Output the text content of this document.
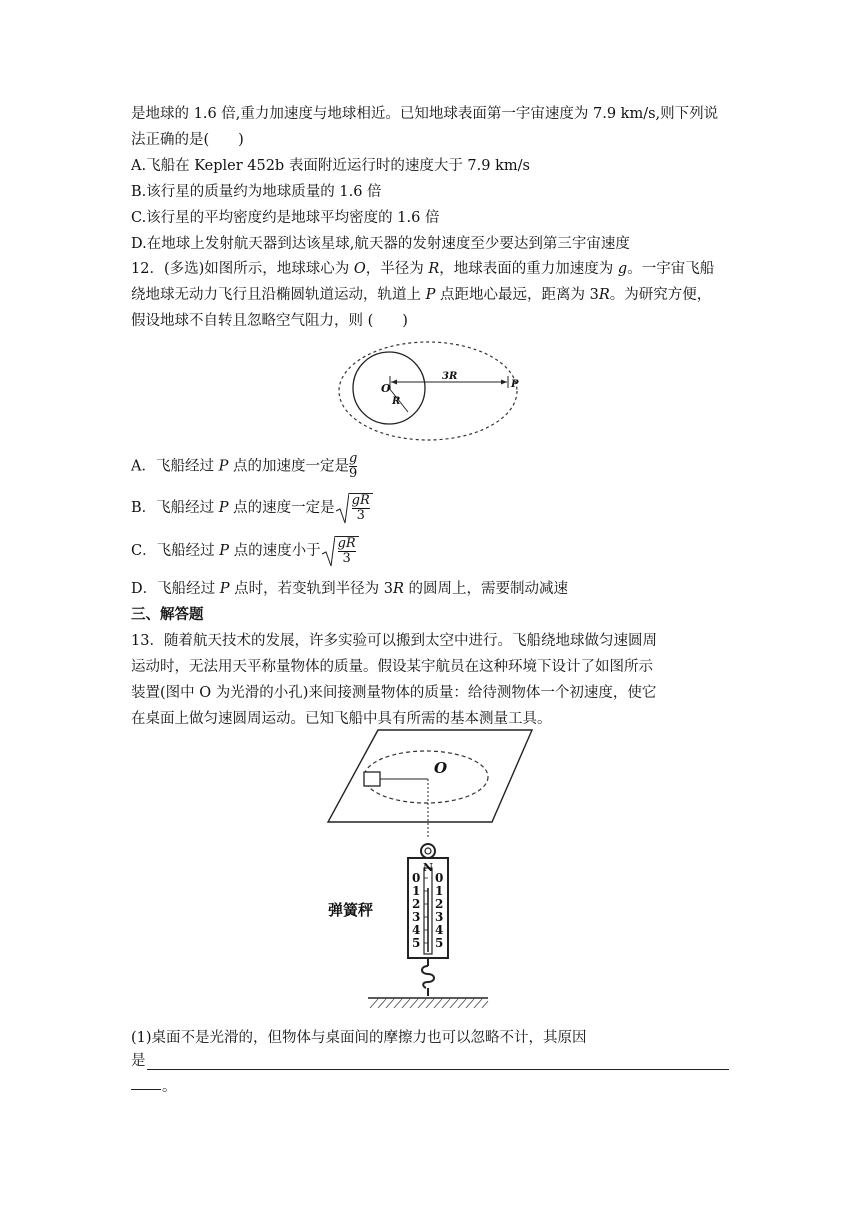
是地球的 1.6 倍,重力加速度与地球相近。已知地球表面第一宇宙速度为 7.9 km/s,则下列说
法正确的是(　　)
A.飞船在 Kepler 452b 表面附近运行时的速度大于 7.9 km/s
B.该行星的质量约为地球质量的 1.6 倍
C.该行星的平均密度约是地球平均密度的 1.6 倍
D.在地球上发射航天器到达该星球,航天器的发射速度至少要达到第三宇宙速度
12．(多选)如图所示，地球球心为 O，半径为 R，地球表面的重力加速度为 g。一宇宙飞船
绕地球无动力飞行且沿椭圆轨道运动，轨道上 P 点距地心最远，距离为 3R。为研究方便，
假设地球不自转且忽略空气阻力，则 (　　)
O
R
3R
P
A．飞船经过 P 点的加速度一定是 $\frac{g}{9}$
B．飞船经过 P 点的速度一定是 $\frac{gR}{3}$
C．飞船经过 P 点的速度小于 $\frac{gR}{3}$
D．飞船经过 P 点时，若变轨到半径为 3R 的圆周上，需要制动减速
三、解答题
13．随着航天技术的发展，许多实验可以搬到太空中进行。飞船绕地球做匀速圆周
运动时，无法用天平称量物体的质量。假设某宇航员在这种环境下设计了如图所示
装置(图中 O 为光滑的小孔)来间接测量物体的质量：给待测物体一个初速度，使它
在桌面上做匀速圆周运动。已知飞船中具有所需的基本测量工具。
O
N
0
1
2
3
4
5
0
1
2
3
4
5
弹簧秤
(1)桌面不是光滑的，但物体与桌面间的摩擦力也可以忽略不计，其原因
是
。
